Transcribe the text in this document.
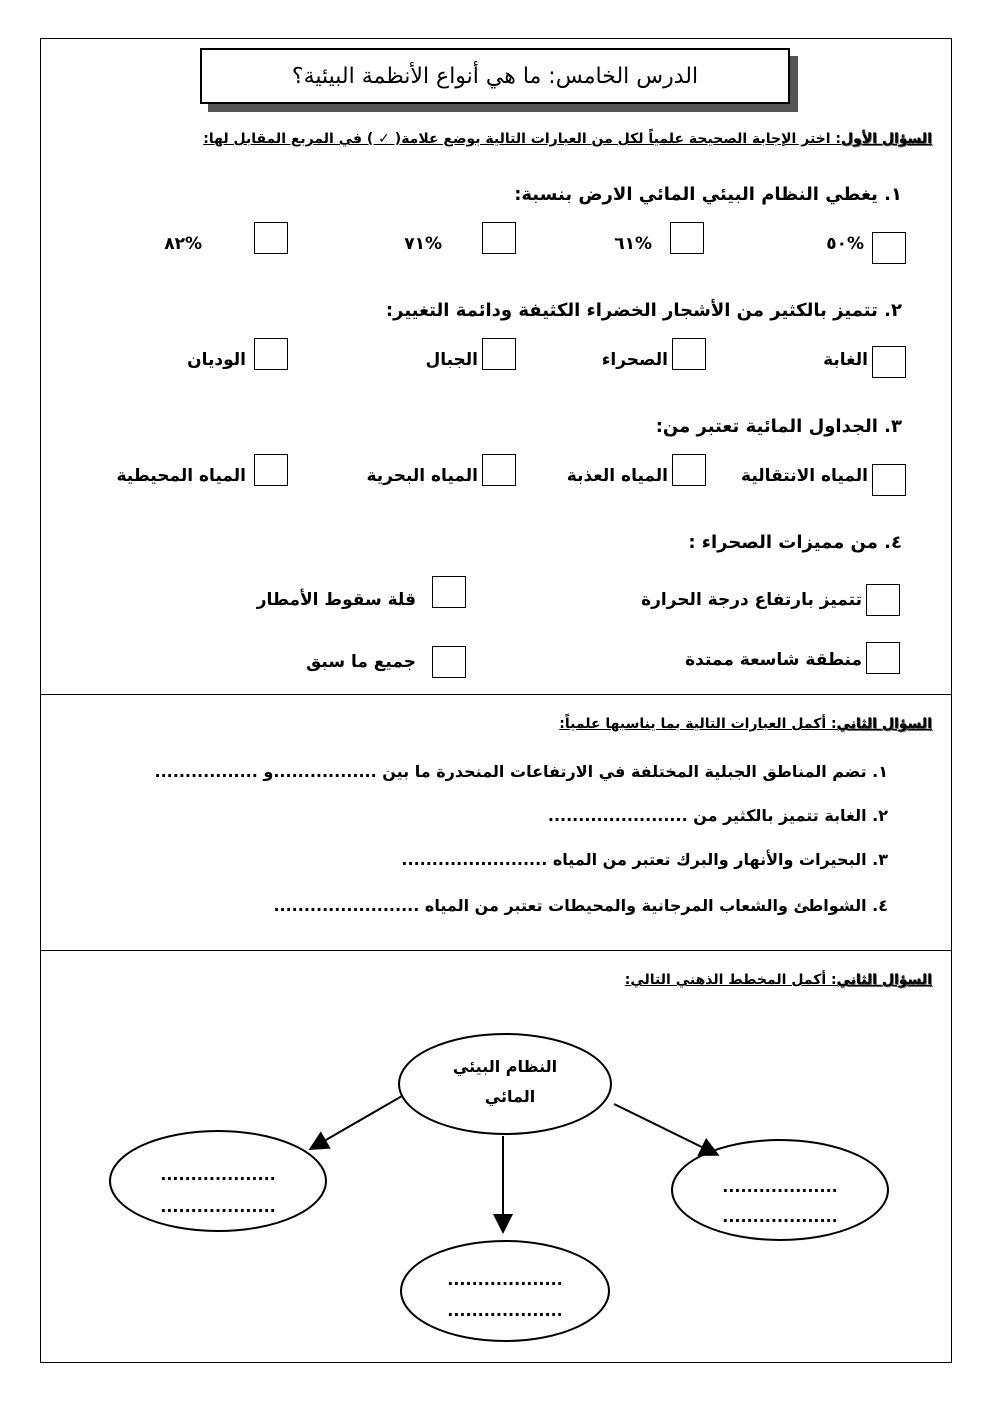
الدرس الخامس: ما هي أنواع الأنظمة البيئية؟
السؤال الأول: اختر الإجابة الصحيحة علمياً لكل من العبارات التالية بوضع علامة( ✓ ) في المربع المقابل لها:
١. يغطي النظام البيئي المائي الارض بنسبة:
%٥٠
%٦١
%٧١
%٨٢
٢. تتميز بالكثير من الأشجار الخضراء الكثيفة ودائمة التغيير:
الغابة
الصحراء
الجبال
الوديان
٣. الجداول المائية تعتبر من:
المياه الانتقالية
المياه العذبة
المياه البحرية
المياه المحيطية
٤. من مميزات الصحراء :
تتميز بارتفاع درجة الحرارة
قلة سقوط الأمطار
منطقة شاسعة ممتدة
جميع ما سبق
السؤال الثاني: أكمل العبارات التالية بما يناسبها علمياً:
١. تضم المناطق الجبلية المختلفة في الارتفاعات المنحدرة ما بين .................و .................
٢. الغابة تتميز بالكثير من .......................
٣. البحيرات والأنهار والبرك تعتبر من المياه ........................
٤. الشواطئ والشعاب المرجانية والمحيطات تعتبر من المياه ........................
السؤال الثاني: أكمل المخطط الذهني التالي:
النظام البيئي
المائي
...................
...................
...................
...................
...................
...................
